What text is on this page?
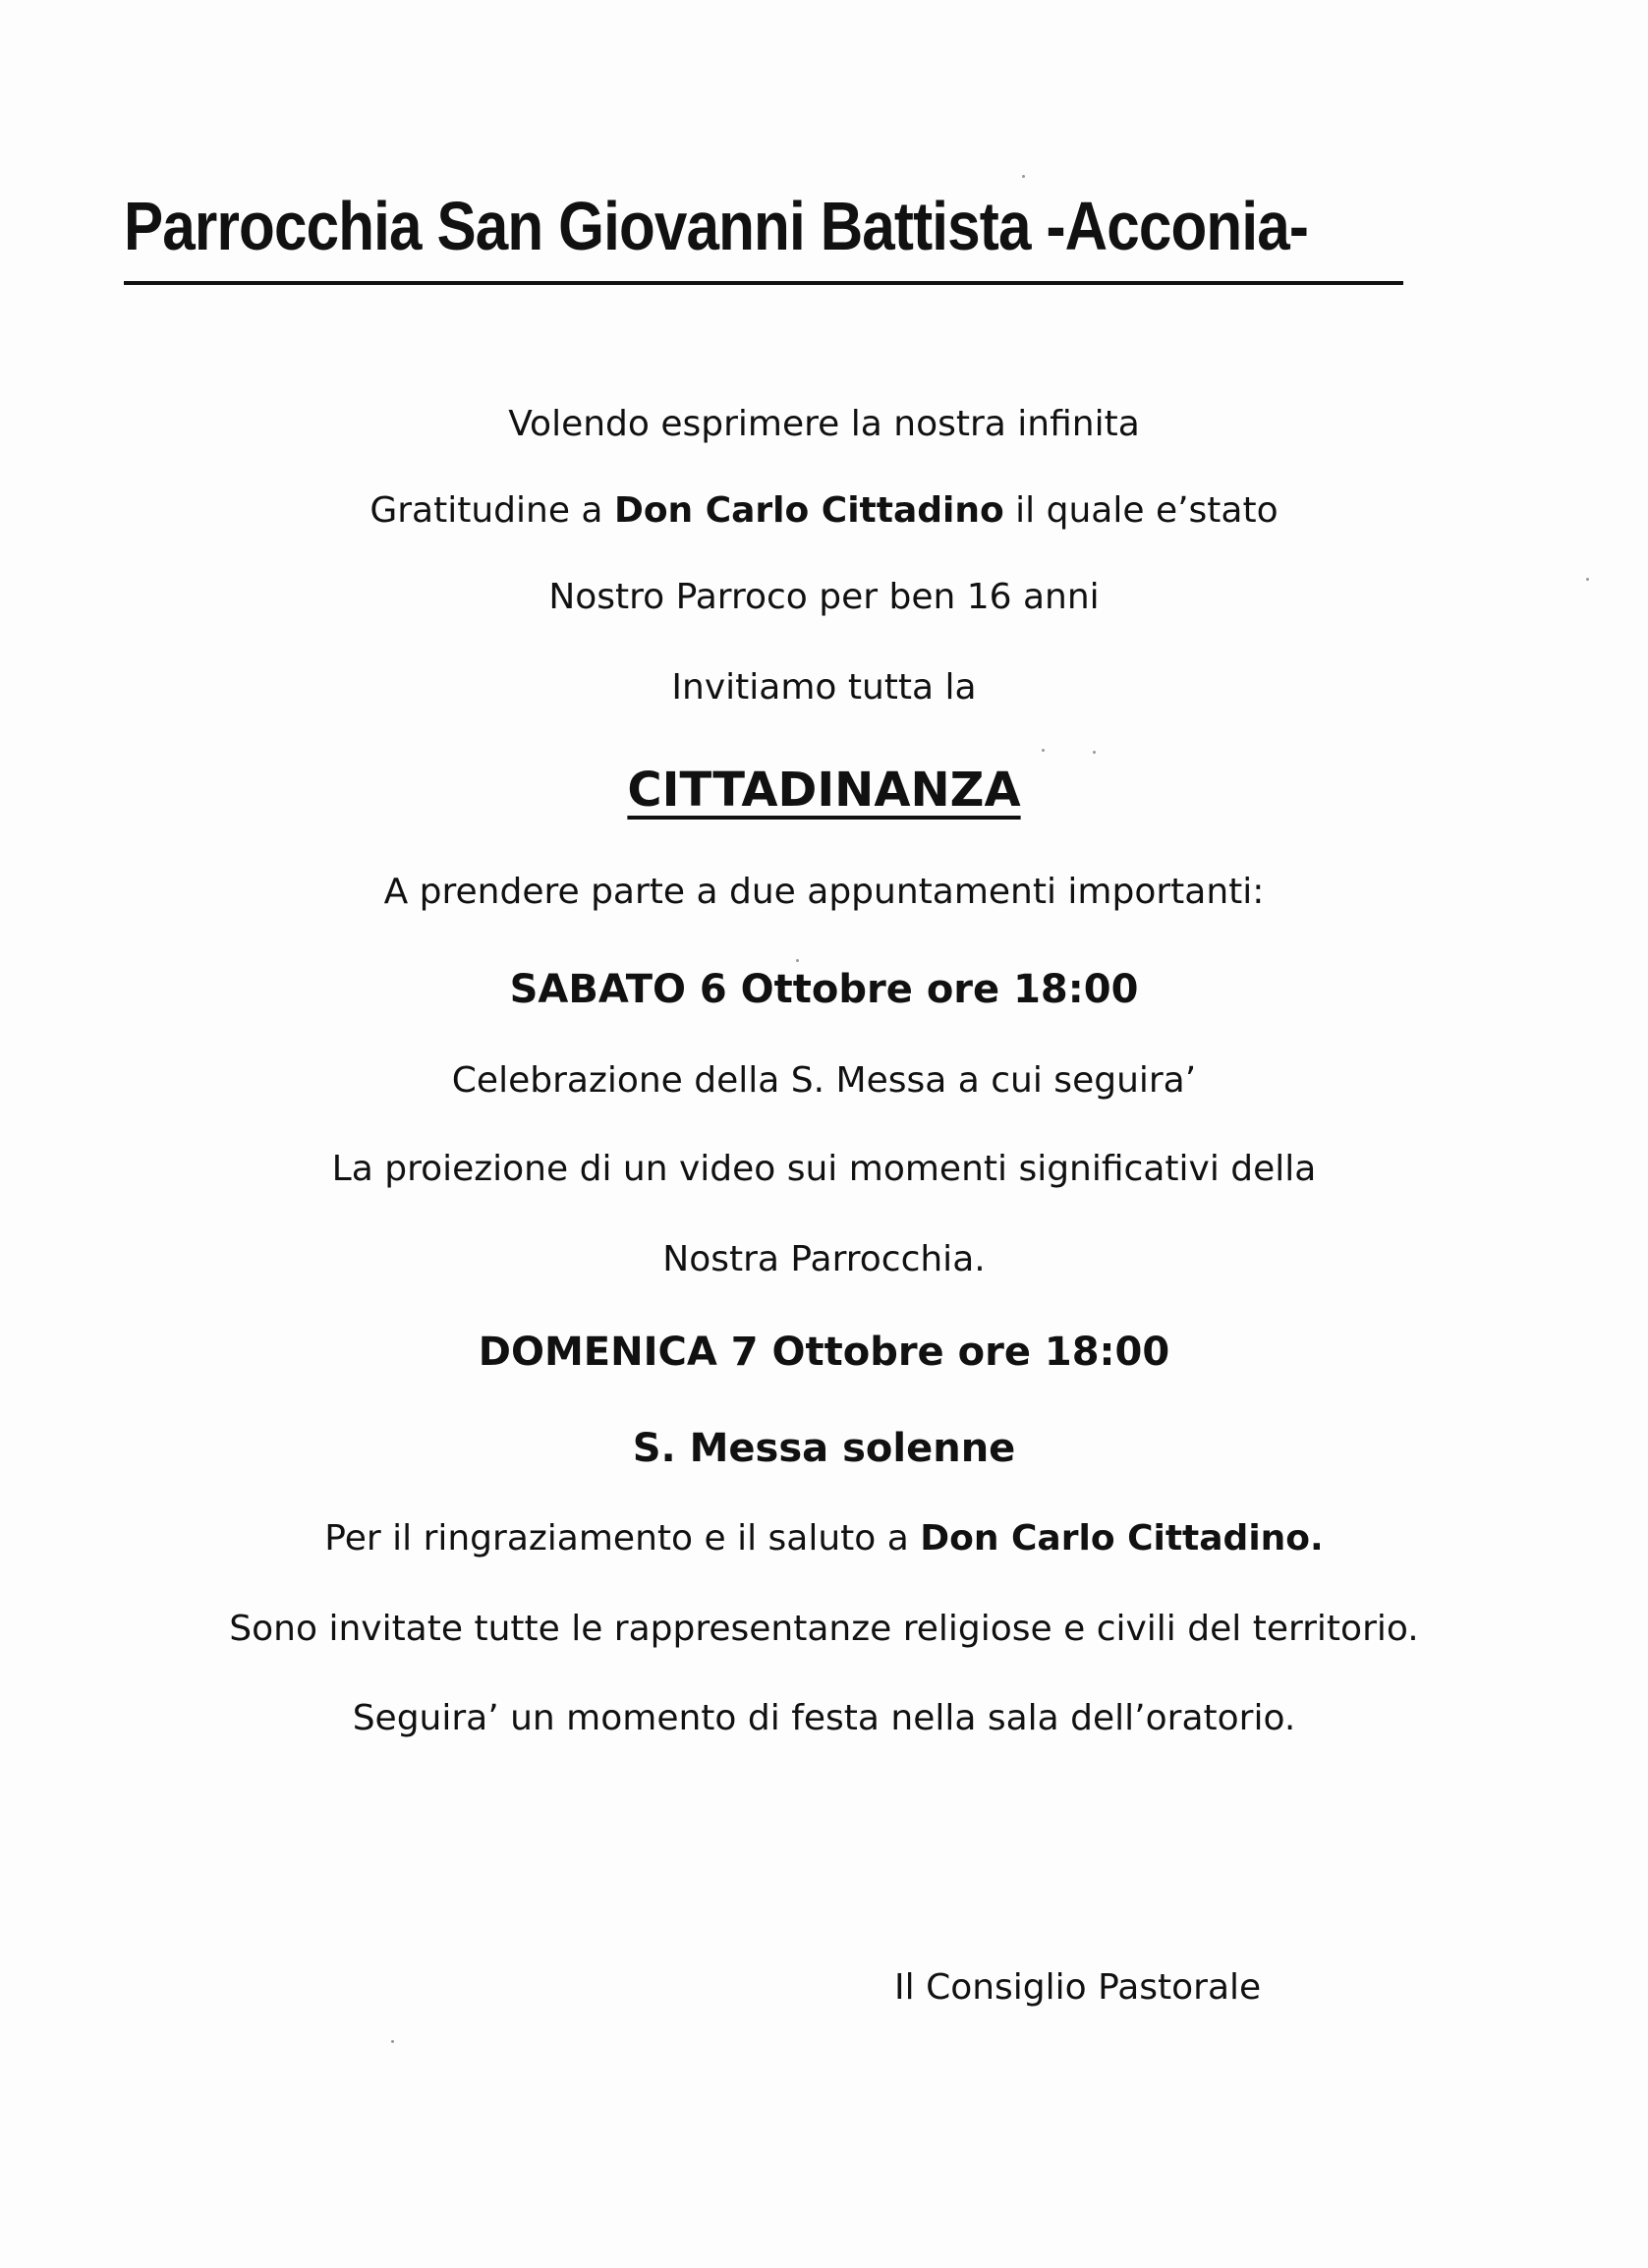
Parrocchia San Giovanni Battista -Acconia-
Volendo esprimere la nostra infinita
Gratitudine a Don Carlo Cittadino il quale e’stato
Nostro Parroco per ben 16 anni
Invitiamo tutta la
CITTADINANZA
A prendere parte a due appuntamenti importanti:
SABATO 6 Ottobre ore 18:00
Celebrazione della S. Messa a cui seguira’
La proiezione di un video sui momenti significativi della
Nostra Parrocchia.
DOMENICA 7 Ottobre ore 18:00
S. Messa solenne
Per il ringraziamento e il saluto a Don Carlo Cittadino.
Sono invitate tutte le rappresentanze religiose e civili del territorio.
Seguira’ un momento di festa nella sala dell’oratorio.
Il Consiglio Pastorale
